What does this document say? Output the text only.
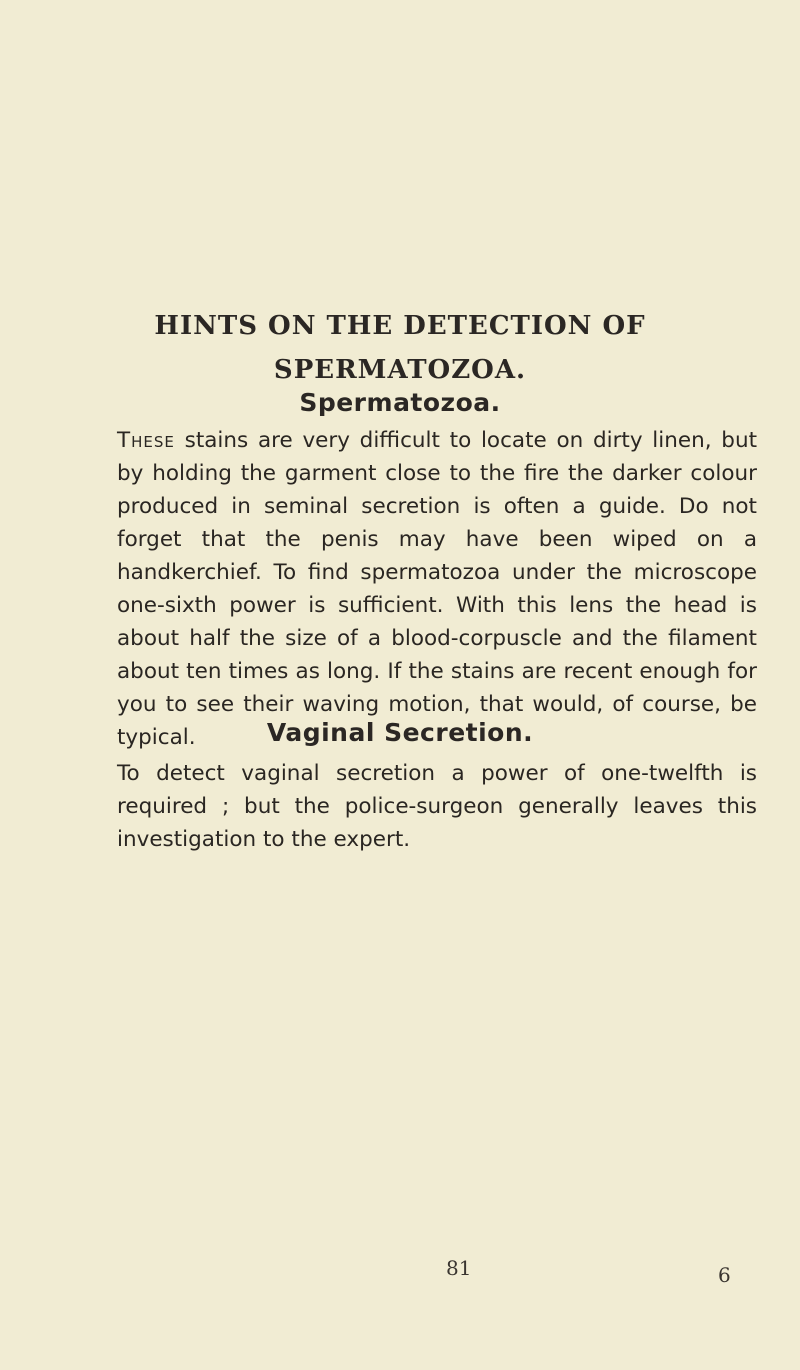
HINTS ON THE DETECTION OF
SPERMATOZOA.
Spermatozoa.

These stains are very difficult to locate on dirty linen, but by holding the garment close to the fire the darker colour produced in seminal secretion is often a guide. Do not forget that the penis may have been wiped on a handkerchief. To find spermatozoa under the microscope one-sixth power is sufficient. With this lens the head is about half the size of a blood-corpuscle and the filament about ten times as long. If the stains are recent enough for you to see their waving motion, that would, of course, be typical.	Vaginal Secretion.

To detect vaginal secretion a power of one-twelfth is required ; but the police-surgeon generally leaves this investigation to the expert.

81	6
